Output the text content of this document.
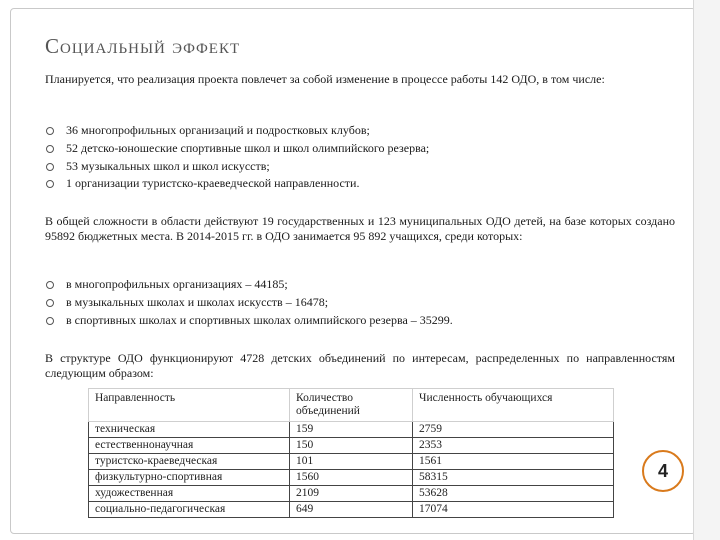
Социальный эффект
Планируется, что реализация проекта повлечет за собой изменение в процессе работы 142 ОДО, в том числе:
36 многопрофильных организаций и подростковых клубов;
52 детско-юношеские спортивные школ и школ олимпийского резерва;
53 музыкальных школ и школ искусств;
1 организации туристско-краеведческой направленности.
В общей сложности в области действуют 19 государственных и 123 муниципальных ОДО детей, на базе которых создано 95892 бюджетных места. В 2014-2015 гг. в ОДО занимается 95 892 учащихся, среди которых:
в многопрофильных организациях – 44185;
в музыкальных школах и школах искусств – 16478;
в спортивных школах и спортивных школах олимпийского резерва – 35299.
В структуре ОДО функционируют 4728 детских объединений по интересам, распределенных по направленностям следующим образом:
Направленность	Количество объединений	Численность обучающихся
техническая	159	2759
естественнонаучная	150	2353
туристско-краеведческая	101	1561
физкультурно-спортивная	1560	58315
художественная	2109	53628
социально-педагогическая	649	17074
4
